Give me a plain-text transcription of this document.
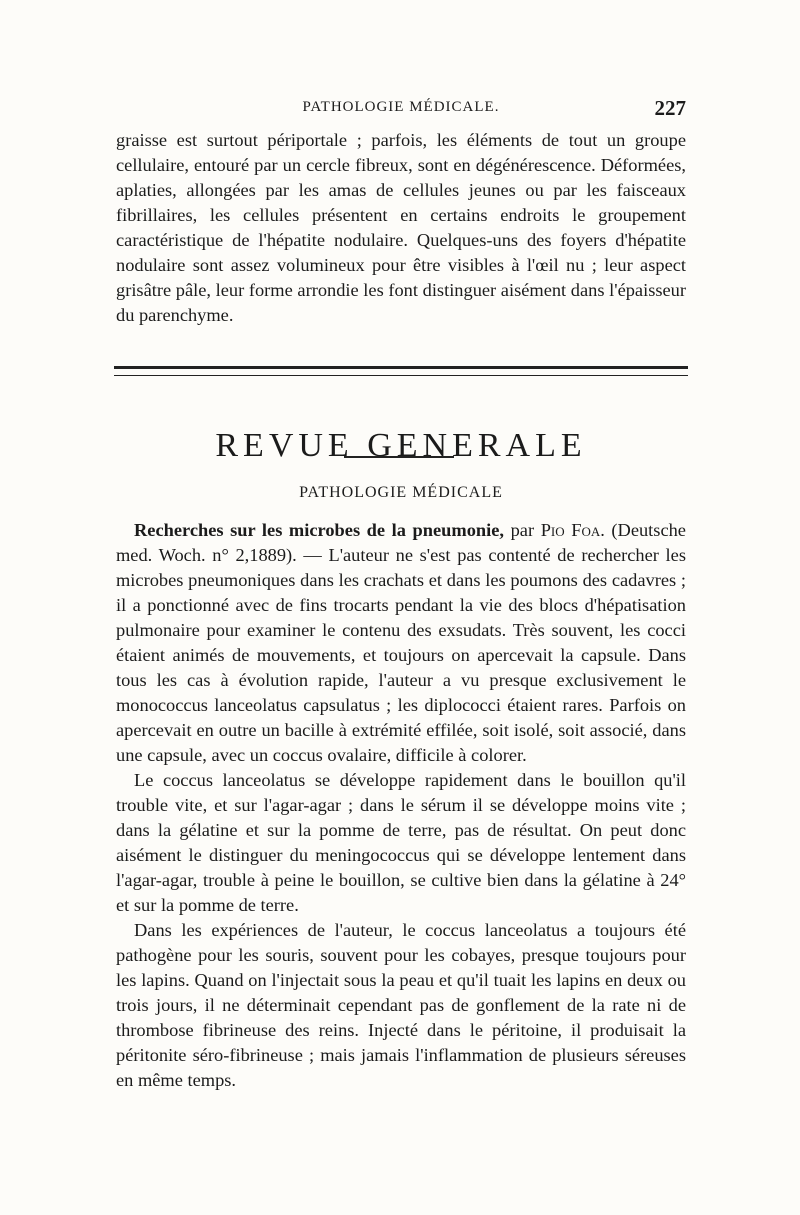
PATHOLOGIE MÉDICALE.	227

graisse est surtout périportale ; parfois, les éléments de tout un groupe cellulaire, entouré par un cercle fibreux, sont en dégénérescence. Déformées, aplaties, allongées par les amas de cellules jeunes ou par les faisceaux fibrillaires, les cellules présentent en certains endroits le groupement caractéristique de l'hépatite nodulaire. Quelques-uns des foyers d'hépatite nodulaire sont assez volumineux pour être visibles à l'œil nu ; leur aspect grisâtre pâle, leur forme arrondie les font distinguer aisément dans l'épaisseur du parenchyme.

REVUE GENERALE
PATHOLOGIE MÉDICALE

Recherches sur les microbes de la pneumonie, par Pio Foa. (Deutsche med. Woch. n° 2,1889). — L'auteur ne s'est pas contenté de rechercher les microbes pneumoniques dans les crachats et dans les poumons des cadavres ; il a ponctionné avec de fins trocarts pendant la vie des blocs d'hépatisation pulmonaire pour examiner le contenu des exsudats. Très souvent, les cocci étaient animés de mouvements, et toujours on apercevait la capsule. Dans tous les cas à évolution rapide, l'auteur a vu presque exclusivement le monococcus lanceolatus capsulatus ; les diplococci étaient rares. Parfois on apercevait en outre un bacille à extrémité effilée, soit isolé, soit associé, dans une capsule, avec un coccus ovalaire, difficile à colorer.

Le coccus lanceolatus se développe rapidement dans le bouillon qu'il trouble vite, et sur l'agar-agar ; dans le sérum il se développe moins vite ; dans la gélatine et sur la pomme de terre, pas de résultat. On peut donc aisément le distinguer du meningococcus qui se développe lentement dans l'agar-agar, trouble à peine le bouillon, se cultive bien dans la gélatine à 24° et sur la pomme de terre.

Dans les expériences de l'auteur, le coccus lanceolatus a toujours été pathogène pour les souris, souvent pour les cobayes, presque toujours pour les lapins. Quand on l'injectait sous la peau et qu'il tuait les lapins en deux ou trois jours, il ne déterminait cependant pas de gonflement de la rate ni de thrombose fibrineuse des reins. Injecté dans le péritoine, il produisait la péritonite séro-fibrineuse ; mais jamais l'inflammation de plusieurs séreuses en même temps.
